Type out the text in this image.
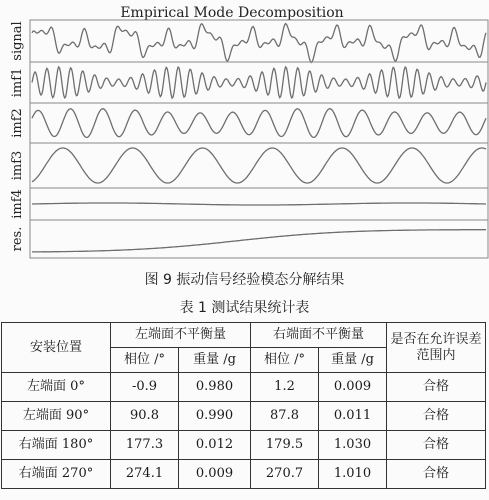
Empirical Mode Decomposition
signal
imf1
imf2
imf3
imf4
res.
图 9 振动信号经验模态分解结果
表 1 测试结果统计表
安装位置	左端面不平衡量		右端面不平衡量		是否在允许误差范围内
	相位 /°	重量 /g	相位 /°	重量 /g	
左端面 0°	-0.9	0.980	1.2	0.009	合格
左端面 90°	90.8	0.990	87.8	0.011	合格
右端面 180°	177.3	0.012	179.5	1.030	合格
右端面 270°	274.1	0.009	270.7	1.010	合格
